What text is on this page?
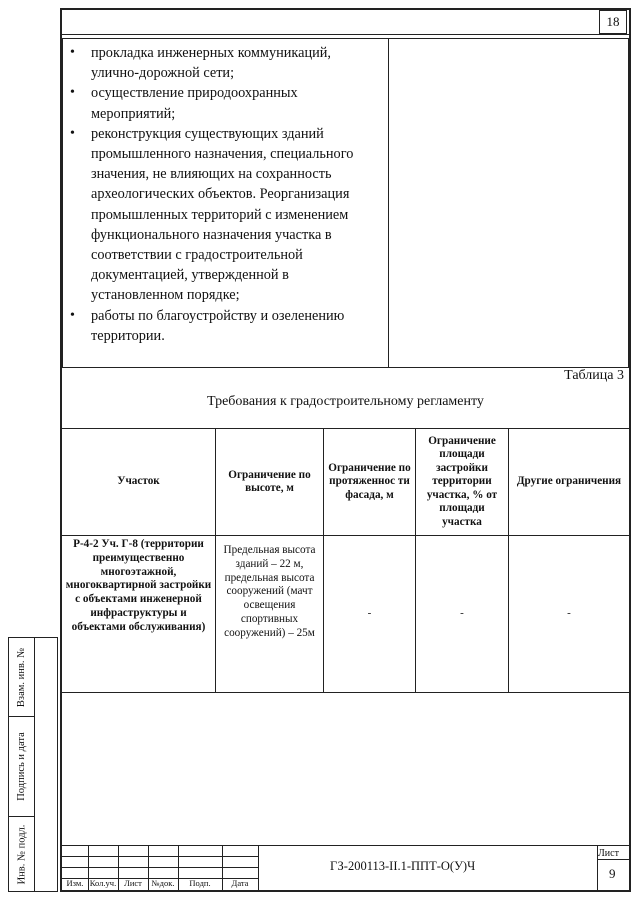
18
• прокладка инженерных коммуникаций, улично-дорожной сети;
• осуществление природоохранных мероприятий;
• реконструкция существующих зданий промышленного назначения, специального значения, не влияющих на сохранность археологических объектов. Реорганизация промышленных территорий с изменением функционального назначения участка в соответствии с градостроительной документацией, утвержденной в установленном порядке;
• работы по благоустройству и озеленению территории.
Таблица 3
Требования к градостроительному регламенту
Участок	Ограничение по высоте, м	Ограничение по протяженнос ти фасада, м	Ограничение площади застройки территории участка, % от площади участка	Другие ограничения
Р-4-2 Уч. Г-8 (территории преимущественно многоэтажной, многоквартирной застройки с объектами инженерной инфраструктуры и объектами обслуживания)	Предельная высота зданий – 22 м, предельная высота сооружений (мачт освещения спортивных сооружений) – 25м	-	-	-
Взам. инв. №
Подпись и дата
Инв. № подл.	Изм. Кол.уч. Лист	№док.	Подп.	Дата
ГЗ-200113-II.1-ППТ-О(У)Ч
Лист
9
